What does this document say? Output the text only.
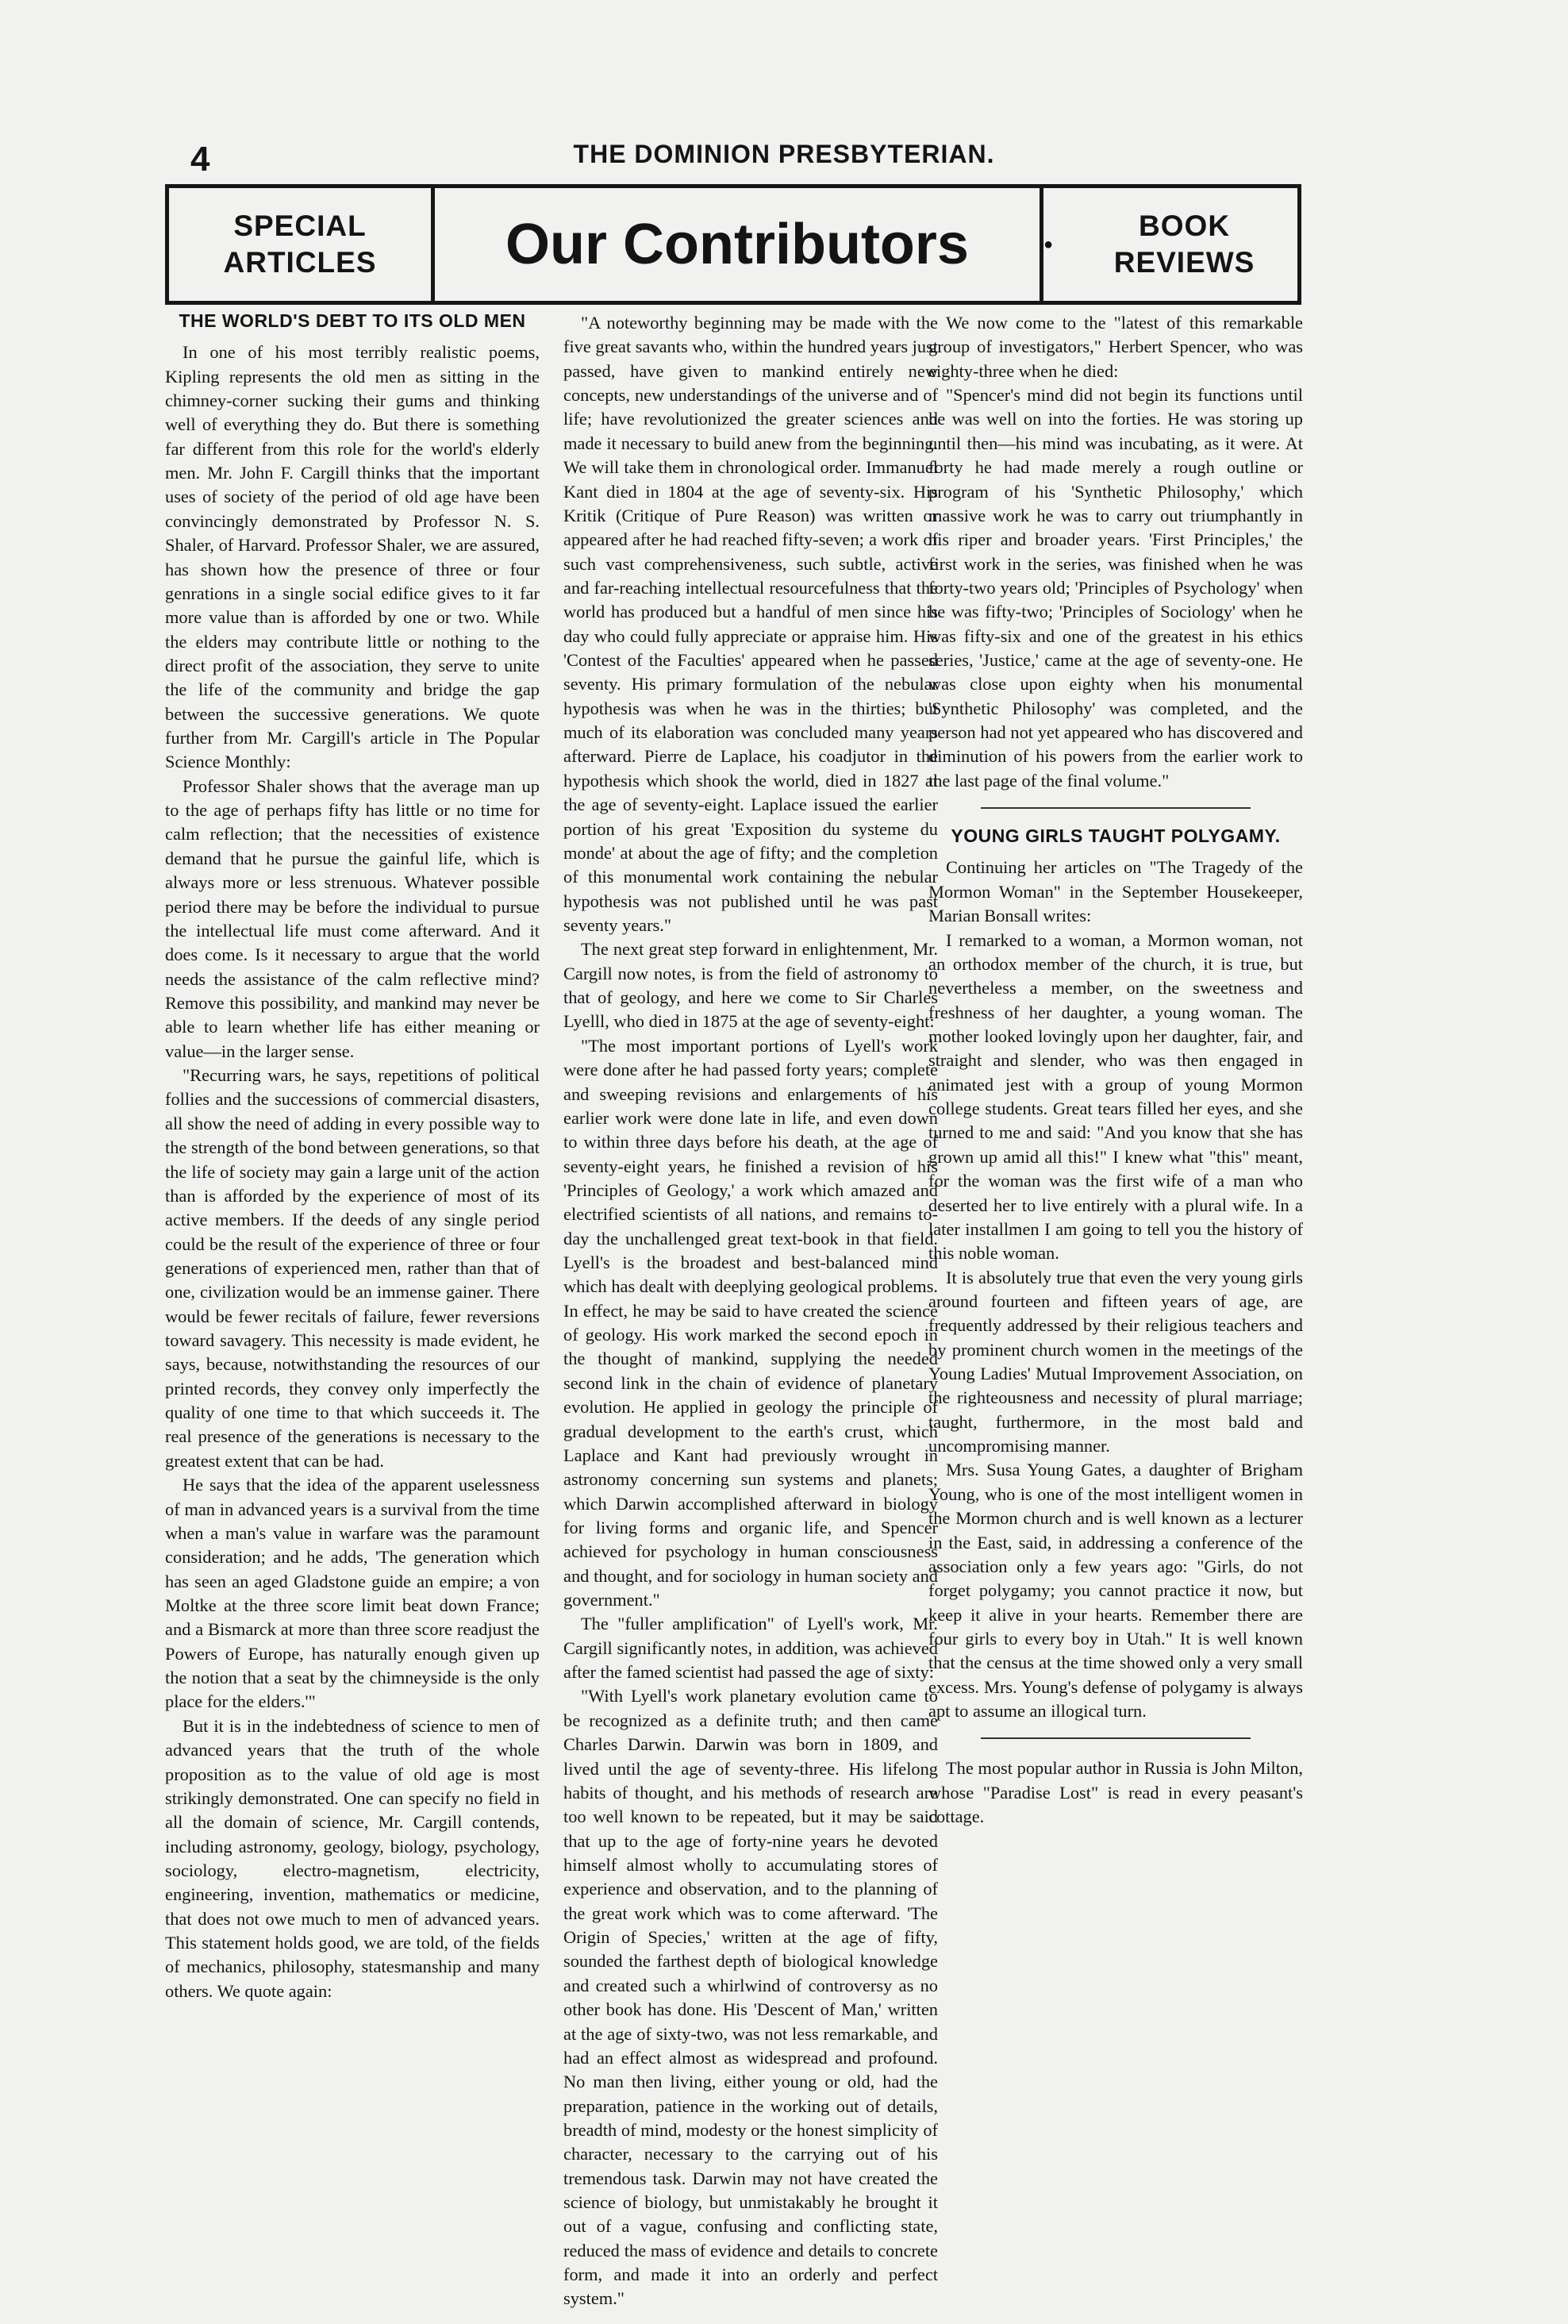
4	THE DOMINION PRESBYTERIAN.
SPECIAL ARTICLES	Our Contributors	●
BOOK REVIEWS
THE WORLD'S DEBT TO ITS OLD MEN

In one of his most terribly realistic poems, Kipling represents the old men as sitting in the chimney-corner sucking their gums and thinking well of everything they do. But there is something far different from this role for the world's elderly men. Mr. John F. Cargill thinks that the important uses of society of the period of old age have been convincingly demonstrated by Professor N. S. Shaler, of Harvard. Professor Shaler, we are assured, has shown how the presence of three or four genrations in a single social edifice gives to it far more value than is afforded by one or two. While the elders may contribute little or nothing to the direct profit of the association, they serve to unite the life of the community and bridge the gap between the successive generations. We quote further from Mr. Cargill's article in The Popular Science Monthly:

Professor Shaler shows that the average man up to the age of perhaps fifty has little or no time for calm reflection; that the necessities of existence demand that he pursue the gainful life, which is always more or less strenuous. Whatever possible period there may be before the individual to pursue the intellectual life must come afterward. And it does come. Is it necessary to argue that the world needs the assistance of the calm reflective mind? Remove this possibility, and mankind may never be able to learn whether life has either meaning or value—in the larger sense.

"Recurring wars, he says, repetitions of political follies and the successions of commercial disasters, all show the need of adding in every possible way to the strength of the bond between generations, so that the life of society may gain a large unit of the action than is afforded by the experience of most of its active members. If the deeds of any single period could be the result of the experience of three or four generations of experienced men, rather than that of one, civilization would be an immense gainer. There would be fewer recitals of failure, fewer reversions toward savagery. This necessity is made evident, he says, because, notwithstanding the resources of our printed records, they convey only imperfectly the quality of one time to that which succeeds it. The real presence of the generations is necessary to the greatest extent that can be had.

He says that the idea of the apparent uselessness of man in advanced years is a survival from the time when a man's value in warfare was the paramount consideration; and he adds, 'The generation which has seen an aged Gladstone guide an empire; a von Moltke at the three score limit beat down France; and a Bismarck at more than three score readjust the Powers of Europe, has naturally enough given up the notion that a seat by the chimneyside is the only place for the elders.'"

But it is in the indebtedness of science to men of advanced years that the truth of the whole proposition as to the value of old age is most strikingly demonstrated. One can specify no field in all the domain of science, Mr. Cargill contends, including astronomy, geology, biology, psychology, sociology, electro-magnetism, electricity, engineering, invention, mathematics or medicine, that does not owe much to men of advanced years. This statement holds good, we are told, of the fields of mechanics, philosophy, statesmanship and many others. We quote again:

"A noteworthy beginning may be made with the five great savants who, within the hundred years just passed, have given to mankind entirely new concepts, new understandings of the universe and of life; have revolutionized the greater sciences and made it necessary to build anew from the beginning. We will take them in chronological order. Immanuel Kant died in 1804 at the age of seventy-six. His Kritik (Critique of Pure Reason) was written or appeared after he had reached fifty-seven; a work of such vast comprehensiveness, such subtle, active and far-reaching intellectual resourcefulness that the world has produced but a handful of men since his day who could fully appreciate or appraise him. His 'Contest of the Faculties' appeared when he passed seventy. His primary formulation of the nebular hypothesis was when he was in the thirties; but much of its elaboration was concluded many years afterward. Pierre de Laplace, his coadjutor in the hypothesis which shook the world, died in 1827 at the age of seventy-eight. Laplace issued the earlier portion of his great 'Exposition du systeme du monde' at about the age of fifty; and the completion of this monumental work containing the nebular hypothesis was not published until he was past seventy years."

The next great step forward in enlightenment, Mr. Cargill now notes, is from the field of astronomy to that of geology, and here we come to Sir Charles Lyelll, who died in 1875 at the age of seventy-eight:

"The most important portions of Lyell's work were done after he had passed forty years; complete and sweeping revisions and enlargements of his earlier work were done late in life, and even down to within three days before his death, at the age of seventy-eight years, he finished a revision of his 'Principles of Geology,' a work which amazed and electrified scientists of all nations, and remains to-day the unchallenged great text-book in that field. Lyell's is the broadest and best-balanced mind which has dealt with deeplying geological problems. In effect, he may be said to have created the science of geology. His work marked the second epoch in the thought of mankind, supplying the needed second link in the chain of evidence of planetary evolution. He applied in geology the principle of gradual development to the earth's crust, which Laplace and Kant had previously wrought in astronomy concerning sun systems and planets; which Darwin accomplished afterward in biology for living forms and organic life, and Spencer achieved for psychology in human consciousness and thought, and for sociology in human society and government."

The "fuller amplification" of Lyell's work, Mr. Cargill significantly notes, in addition, was achieved after the famed scientist had passed the age of sixty:

"With Lyell's work planetary evolution came to be recognized as a definite truth; and then came Charles Darwin. Darwin was born in 1809, and lived until the age of seventy-three. His lifelong habits of thought, and his methods of research are too well known to be repeated, but it may be said that up to the age of forty-nine years he devoted himself almost wholly to accumulating stores of experience and observation, and to the planning of the great work which was to come afterward. 'The Origin of Species,' written at the age of fifty, sounded the farthest depth of biological knowledge and created such a whirlwind of controversy as no other book has done. His 'Descent of Man,' written at the age of sixty-two, was not less remarkable, and had an effect almost as widespread and profound. No man then living, either young or old, had the preparation, patience in the working out of details, breadth of mind, modesty or the honest simplicity of character, necessary to the carrying out of his tremendous task. Darwin may not have created the science of biology, but unmistakably he brought it out of a vague, confusing and conflicting state, reduced the mass of evidence and details to concrete form, and made it into an orderly and perfect system."

We now come to the "latest of this remarkable group of investigators," Herbert Spencer, who was eighty-three when he died:

"Spencer's mind did not begin its functions until he was well on into the forties. He was storing up until then—his mind was incubating, as it were. At forty he had made merely a rough outline or program of his 'Synthetic Philosophy,' which massive work he was to carry out triumphantly in his riper and broader years. 'First Principles,' the first work in the series, was finished when he was forty-two years old; 'Principles of Psychology' when he was fifty-two; 'Principles of Sociology' when he was fifty-six and one of the greatest in his ethics series, 'Justice,' came at the age of seventy-one. He was close upon eighty when his monumental 'Synthetic Philosophy' was completed, and the person had not yet appeared who has discovered and diminution of his powers from the earlier work to the last page of the final volume."

YOUNG GIRLS TAUGHT POLYGAMY.

Continuing her articles on "The Tragedy of the Mormon Woman" in the September Housekeeper, Marian Bonsall writes:

I remarked to a woman, a Mormon woman, not an orthodox member of the church, it is true, but nevertheless a member, on the sweetness and freshness of her daughter, a young woman. The mother looked lovingly upon her daughter, fair, and straight and slender, who was then engaged in animated jest with a group of young Mormon college students. Great tears filled her eyes, and she turned to me and said: "And you know that she has grown up amid all this!" I knew what "this" meant, for the woman was the first wife of a man who deserted her to live entirely with a plural wife. In a later installmen I am going to tell you the history of this noble woman.

It is absolutely true that even the very young girls around fourteen and fifteen years of age, are frequently addressed by their religious teachers and by prominent church women in the meetings of the Young Ladies' Mutual Improvement Association, on the righteousness and necessity of plural marriage; taught, furthermore, in the most bald and uncompromising manner.

Mrs. Susa Young Gates, a daughter of Brigham Young, who is one of the most intelligent women in the Mormon church and is well known as a lecturer in the East, said, in addressing a conference of the association only a few years ago: "Girls, do not forget polygamy; you cannot practice it now, but keep it alive in your hearts. Remember there are four girls to every boy in Utah." It is well known that the census at the time showed only a very small excess. Mrs. Young's defense of polygamy is always apt to assume an illogical turn.

The most popular author in Russia is John Milton, whose "Paradise Lost" is read in every peasant's cottage.
